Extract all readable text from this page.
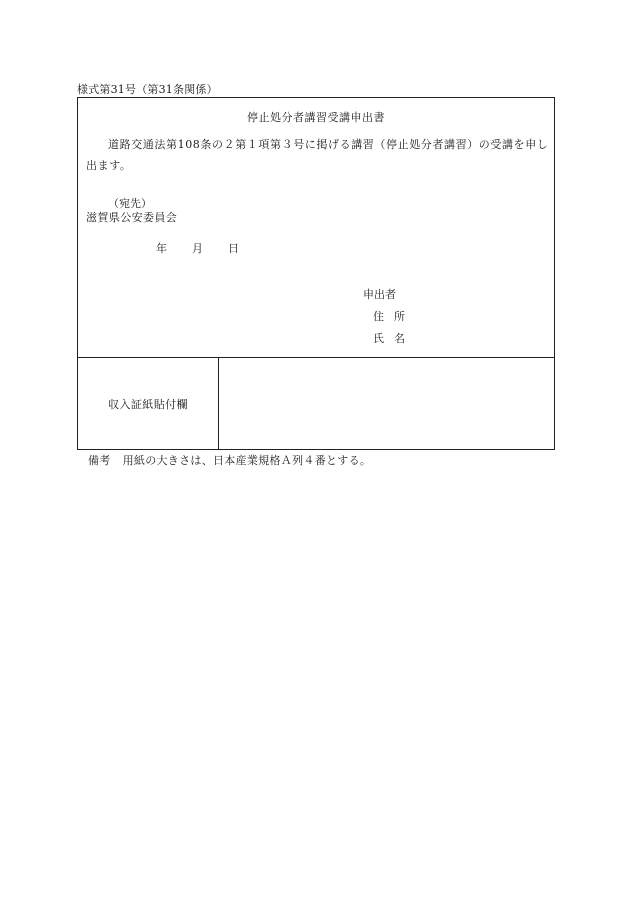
様式第31号（第31条関係）
停止処分者講習受講申出書
道路交通法第108条の２第１項第３号に掲げる講習（停止処分者講習）の受講を申し出ます。
（宛先）
滋賀県公安委員会
年 月 日
申出者
住所
氏名
収入証紙貼付欄
備考 用紙の大きさは、日本産業規格Ａ列４番とする。
